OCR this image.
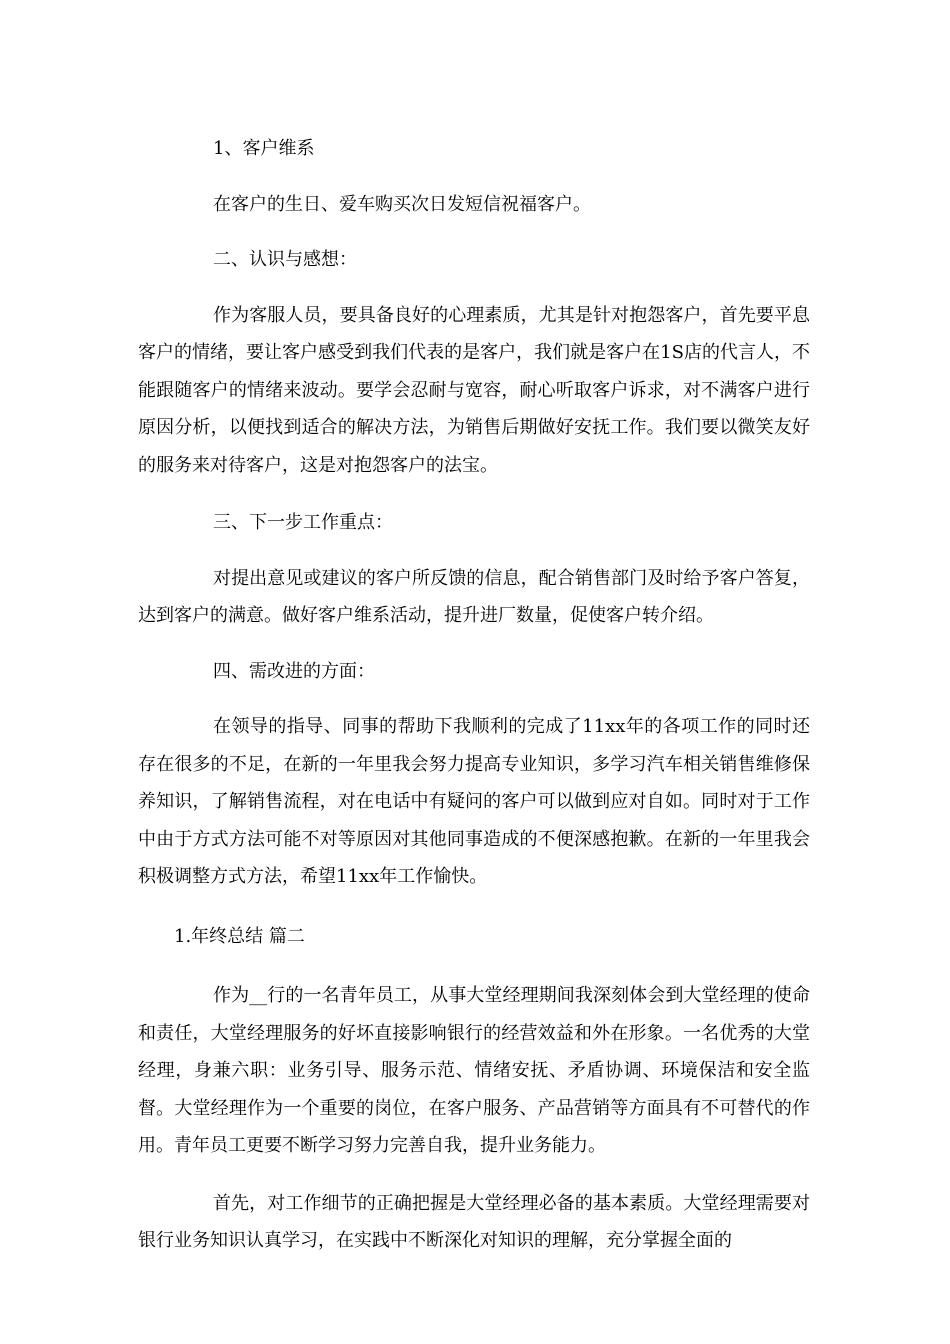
1、客户维系

在客户的生日、爱车购买次日发短信祝福客户。

二、认识与感想：

作为客服人员，要具备良好的心理素质，尤其是针对抱怨客户，首先要平息客户的情绪，要让客户感受到我们代表的是客户，我们就是客户在1S店的代言人，不能跟随客户的情绪来波动。要学会忍耐与宽容，耐心听取客户诉求，对不满客户进行原因分析，以便找到适合的解决方法，为销售后期做好安抚工作。我们要以微笑友好的服务来对待客户，这是对抱怨客户的法宝。

三、下一步工作重点：

对提出意见或建议的客户所反馈的信息，配合销售部门及时给予客户答复，达到客户的满意。做好客户维系活动，提升进厂数量，促使客户转介绍。

四、需改进的方面：

在领导的指导、同事的帮助下我顺利的完成了11xx年的各项工作的同时还存在很多的不足，在新的一年里我会努力提高专业知识，多学习汽车相关销售维修保养知识，了解销售流程，对在电话中有疑问的客户可以做到应对自如。同时对于工作中由于方式方法可能不对等原因对其他同事造成的不便深感抱歉。在新的一年里我会积极调整方式方法，希望11xx年工作愉快。

1.年终总结 篇二

作为__行的一名青年员工，从事大堂经理期间我深刻体会到大堂经理的使命和责任，大堂经理服务的好坏直接影响银行的经营效益和外在形象。一名优秀的大堂经理，身兼六职：业务引导、服务示范、情绪安抚、矛盾协调、环境保洁和安全监督。大堂经理作为一个重要的岗位，在客户服务、产品营销等方面具有不可替代的作用。青年员工更要不断学习努力完善自我，提升业务能力。

首先，对工作细节的正确把握是大堂经理必备的基本素质。大堂经理需要对银行业务知识认真学习，在实践中不断深化对知识的理解，充分掌握全面的
